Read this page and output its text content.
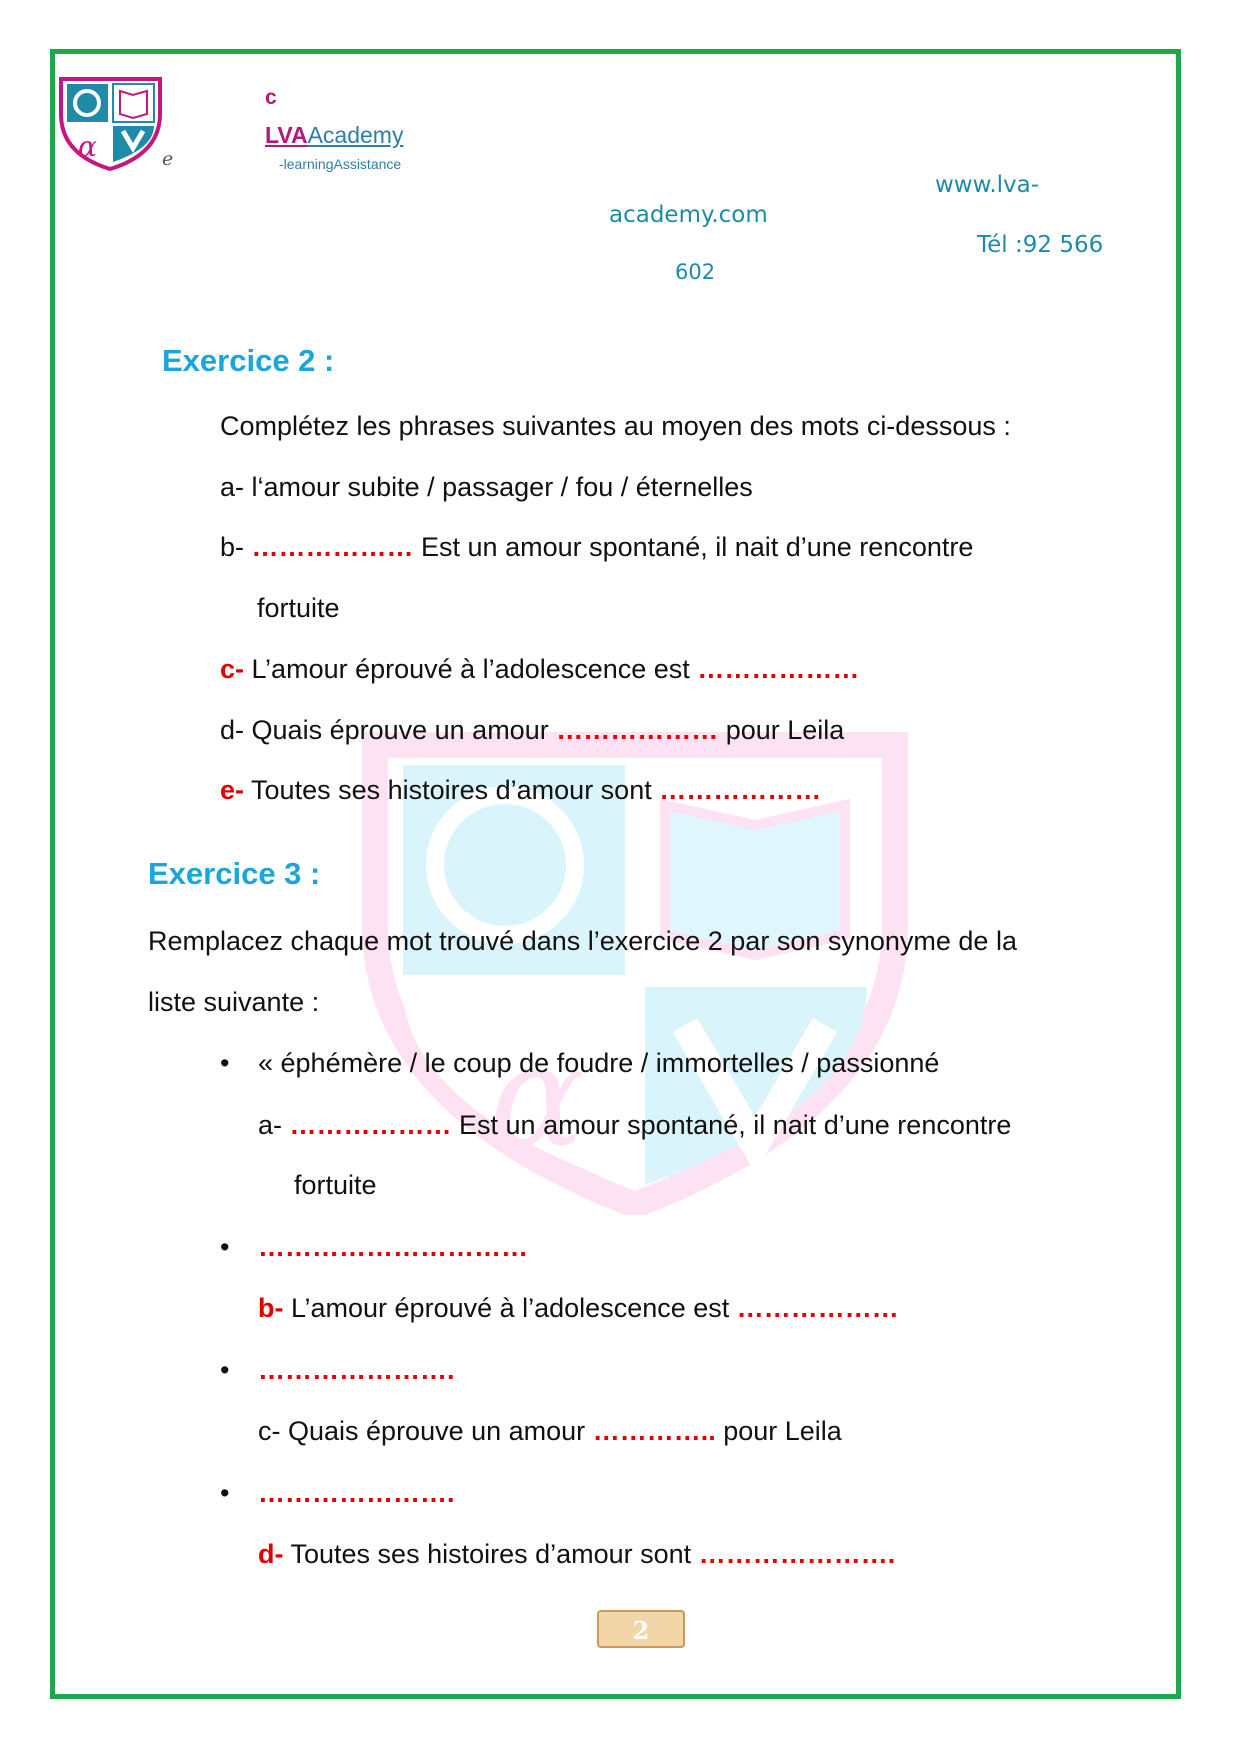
α
α	e
c
LVAAcademy
-learningAssistance
www.lva-
academy.com
Tél :92 566
602
Exercice 2 :
Complétez les phrases suivantes au moyen des mots ci-dessous :
a- l‘amour subite / passager / fou / éternelles
b- ……………… Est un amour spontané, il nait d’une rencontre
fortuite
c- L’amour éprouvé à l’adolescence est ………………
d- Quais éprouve un amour ……………… pour Leila
e- Toutes ses histoires d’amour sont ………………
Exercice 3 :
Remplacez chaque mot trouvé dans l’exercice 2 par son synonyme de la
liste suivante :
• « éphémère / le coup de foudre / immortelles / passionné
a- ……………… Est un amour spontané, il nait d’une rencontre
fortuite
• …………………………
b- L’amour éprouvé à l’adolescence est ………………
• ………………….
c- Quais éprouve un amour ………….. pour Leila
• ………………….
d- Toutes ses histoires d’amour sont ………………….
2
